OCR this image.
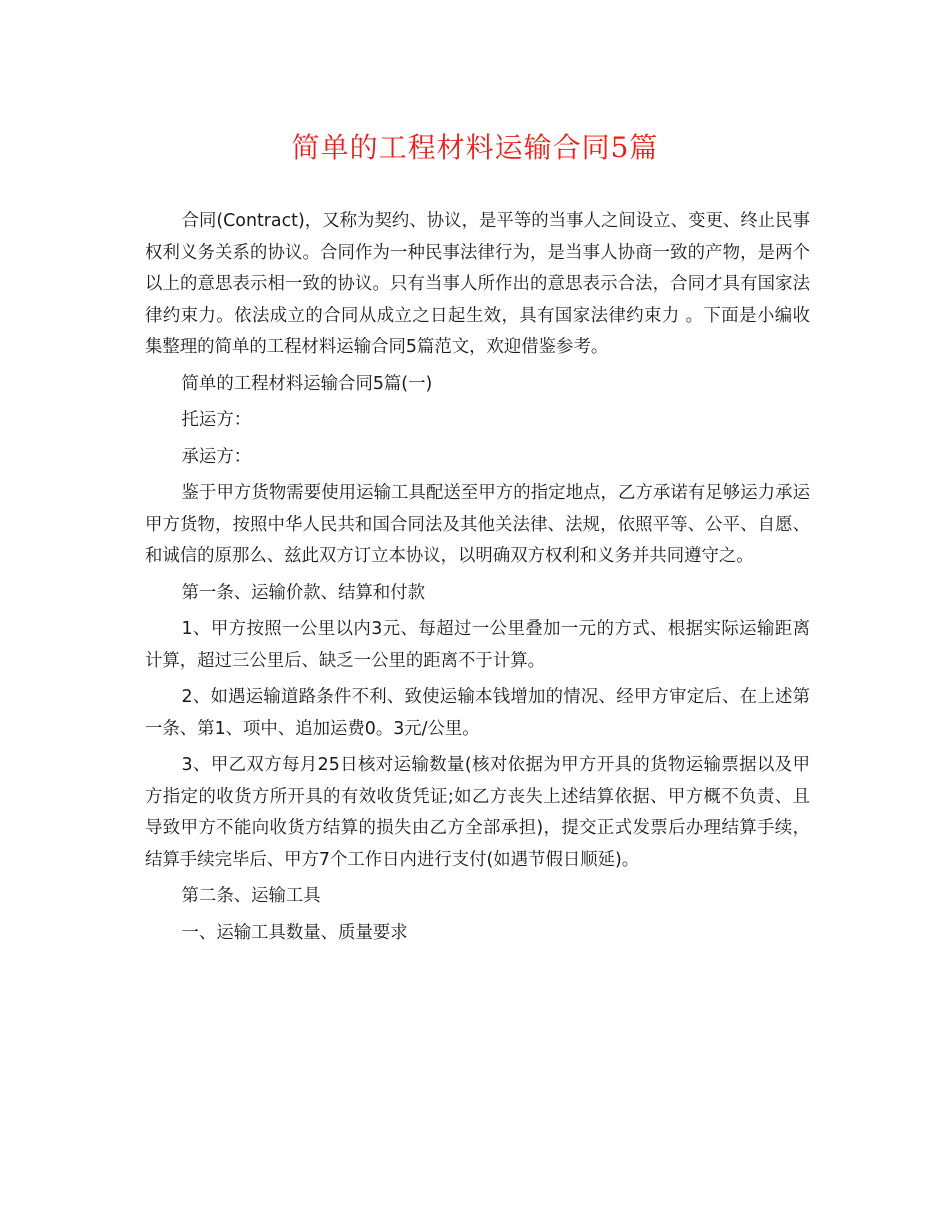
简单的工程材料运输合同5篇

合同(Contract)，又称为契约、协议，是平等的当事人之间设立、变更、终止民事权利义务关系的协议。合同作为一种民事法律行为，是当事人协商一致的产物，是两个以上的意思表示相一致的协议。只有当事人所作出的意思表示合法，合同才具有国家法律约束力。依法成立的合同从成立之日起生效，具有国家法律约束力 。下面是小编收集整理的简单的工程材料运输合同5篇范文，欢迎借鉴参考。

简单的工程材料运输合同5篇(一)

托运方：

承运方：

鉴于甲方货物需要使用运输工具配送至甲方的指定地点，乙方承诺有足够运力承运甲方货物，按照中华人民共和国合同法及其他关法律、法规，依照平等、公平、自愿、和诚信的原那么、兹此双方订立本协议，以明确双方权利和义务并共同遵守之。

第一条、运输价款、结算和付款

1、甲方按照一公里以内3元、每超过一公里叠加一元的方式、根据实际运输距离计算，超过三公里后、缺乏一公里的距离不于计算。

2、如遇运输道路条件不利、致使运输本钱增加的情况、经甲方审定后、在上述第一条、第1、项中、追加运费0。3元/公里。

3、甲乙双方每月25日核对运输数量(核对依据为甲方开具的货物运输票据以及甲方指定的收货方所开具的有效收货凭证;如乙方丧失上述结算依据、甲方概不负责、且导致甲方不能向收货方结算的损失由乙方全部承担)，提交正式发票后办理结算手续，结算手续完毕后、甲方7个工作日内进行支付(如遇节假日顺延)。

第二条、运输工具

一、运输工具数量、质量要求
